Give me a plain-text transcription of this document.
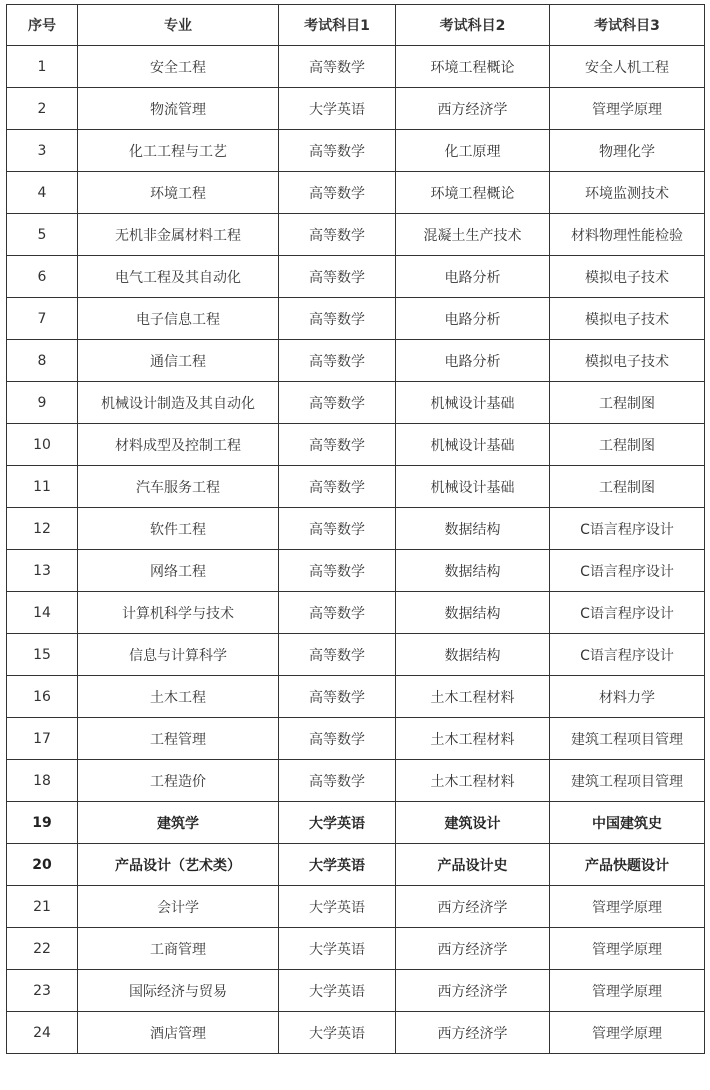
序号	专业	考试科目1	考试科目2	考试科目3
1	安全工程	高等数学	环境工程概论	安全人机工程
2	物流管理	大学英语	西方经济学	管理学原理
3	化工工程与工艺	高等数学	化工原理	物理化学
4	环境工程	高等数学	环境工程概论	环境监测技术
5	无机非金属材料工程	高等数学	混凝土生产技术	材料物理性能检验
6	电气工程及其自动化	高等数学	电路分析	模拟电子技术
7	电子信息工程	高等数学	电路分析	模拟电子技术
8	通信工程	高等数学	电路分析	模拟电子技术
9	机械设计制造及其自动化	高等数学	机械设计基础	工程制图
10	材料成型及控制工程	高等数学	机械设计基础	工程制图
11	汽车服务工程	高等数学	机械设计基础	工程制图
12	软件工程	高等数学	数据结构	C语言程序设计
13	网络工程	高等数学	数据结构	C语言程序设计
14	计算机科学与技术	高等数学	数据结构	C语言程序设计
15	信息与计算科学	高等数学	数据结构	C语言程序设计
16	土木工程	高等数学	土木工程材料	材料力学
17	工程管理	高等数学	土木工程材料	建筑工程项目管理
18	工程造价	高等数学	土木工程材料	建筑工程项目管理
19	建筑学	大学英语	建筑设计	中国建筑史
20	产品设计（艺术类）	大学英语	产品设计史	产品快题设计
21	会计学	大学英语	西方经济学	管理学原理
22	工商管理	大学英语	西方经济学	管理学原理
23	国际经济与贸易	大学英语	西方经济学	管理学原理
24	酒店管理	大学英语	西方经济学	管理学原理
